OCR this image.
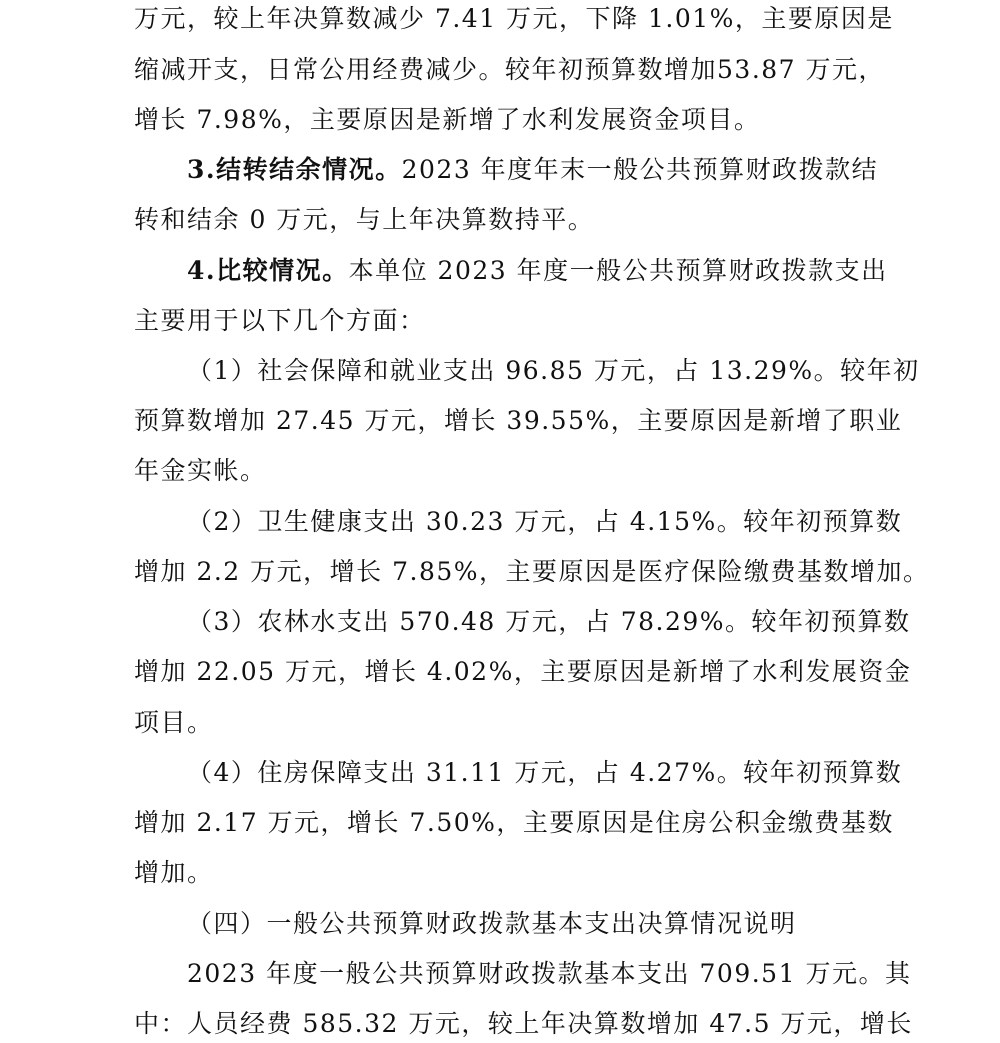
万元，较上年决算数减少 7.41 万元，下降 1.01%，主要原因是
缩减开支，日常公用经费减少。较年初预算数增加53.87 万元，
增长 7.98%，主要原因是新增了水利发展资金项目。
3.结转结余情况。2023 年度年末一般公共预算财政拨款结
转和结余 0 万元，与上年决算数持平。
4.比较情况。本单位 2023 年度一般公共预算财政拨款支出
主要用于以下几个方面：
（1）社会保障和就业支出 96.85 万元，占 13.29%。较年初
预算数增加 27.45 万元，增长 39.55%，主要原因是新增了职业
年金实帐。
（2）卫生健康支出 30.23 万元，占 4.15%。较年初预算数
增加 2.2 万元，增长 7.85%，主要原因是医疗保险缴费基数增加。
（3）农林水支出 570.48 万元，占 78.29%。较年初预算数
增加 22.05 万元，增长 4.02%，主要原因是新增了水利发展资金
项目。
（4）住房保障支出 31.11 万元，占 4.27%。较年初预算数
增加 2.17 万元，增长 7.50%，主要原因是住房公积金缴费基数
增加。
（四）一般公共预算财政拨款基本支出决算情况说明
2023 年度一般公共预算财政拨款基本支出 709.51 万元。其
中：人员经费 585.32 万元，较上年决算数增加 47.5 万元，增长
